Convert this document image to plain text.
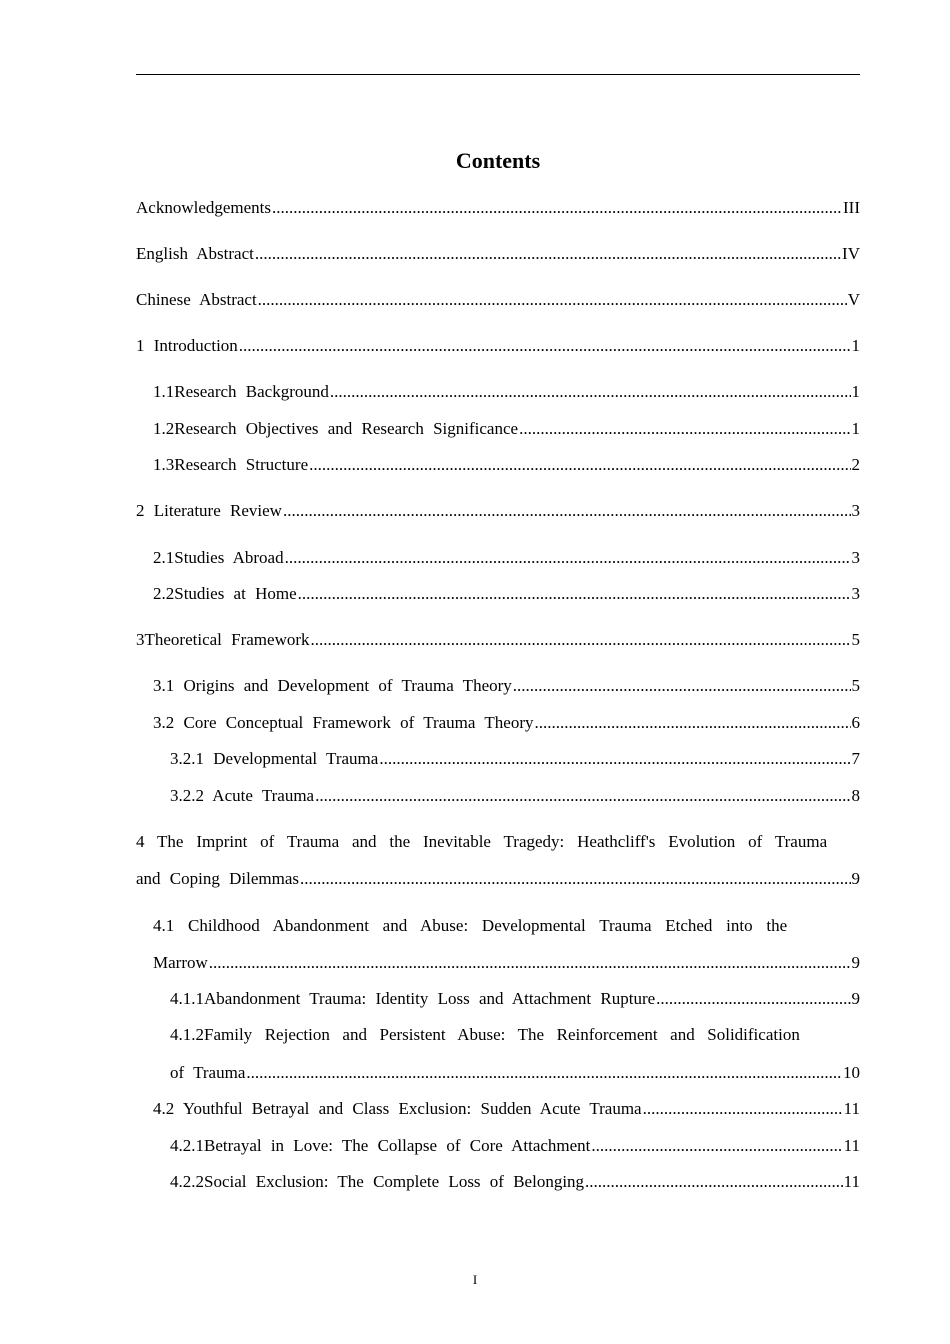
Contents
Acknowledgements .....	III
English Abstract .....	IV
Chinese Abstract .....	V
1 Introduction .....	1
1.1Research Background .....	1
1.2Research Objectives and Research Significance .....	1
1.3Research Structure .....	2
2 Literature Review .....	3
2.1Studies Abroad .....	3
2.2Studies at Home .....	3
3Theoretical Framework .....	5
3.1 Origins and Development of Trauma Theory .....	5
3.2 Core Conceptual Framework of Trauma Theory .....	6
3.2.1 Developmental Trauma .....	7
3.2.2 Acute Trauma .....	8
4 The Imprint of Trauma and the Inevitable Tragedy: Heathcliff's Evolution of Trauma
and Coping Dilemmas .....	9
4.1 Childhood Abandonment and Abuse: Developmental Trauma Etched into the
Marrow .....	9
4.1.1Abandonment Trauma: Identity Loss and Attachment Rupture .....	9
4.1.2Family Rejection and Persistent Abuse: The Reinforcement and Solidification
of Trauma .....	10
4.2 Youthful Betrayal and Class Exclusion: Sudden Acute Trauma .....	11
4.2.1Betrayal in Love: The Collapse of Core Attachment .....	11
4.2.2Social Exclusion: The Complete Loss of Belonging .....	11
I
